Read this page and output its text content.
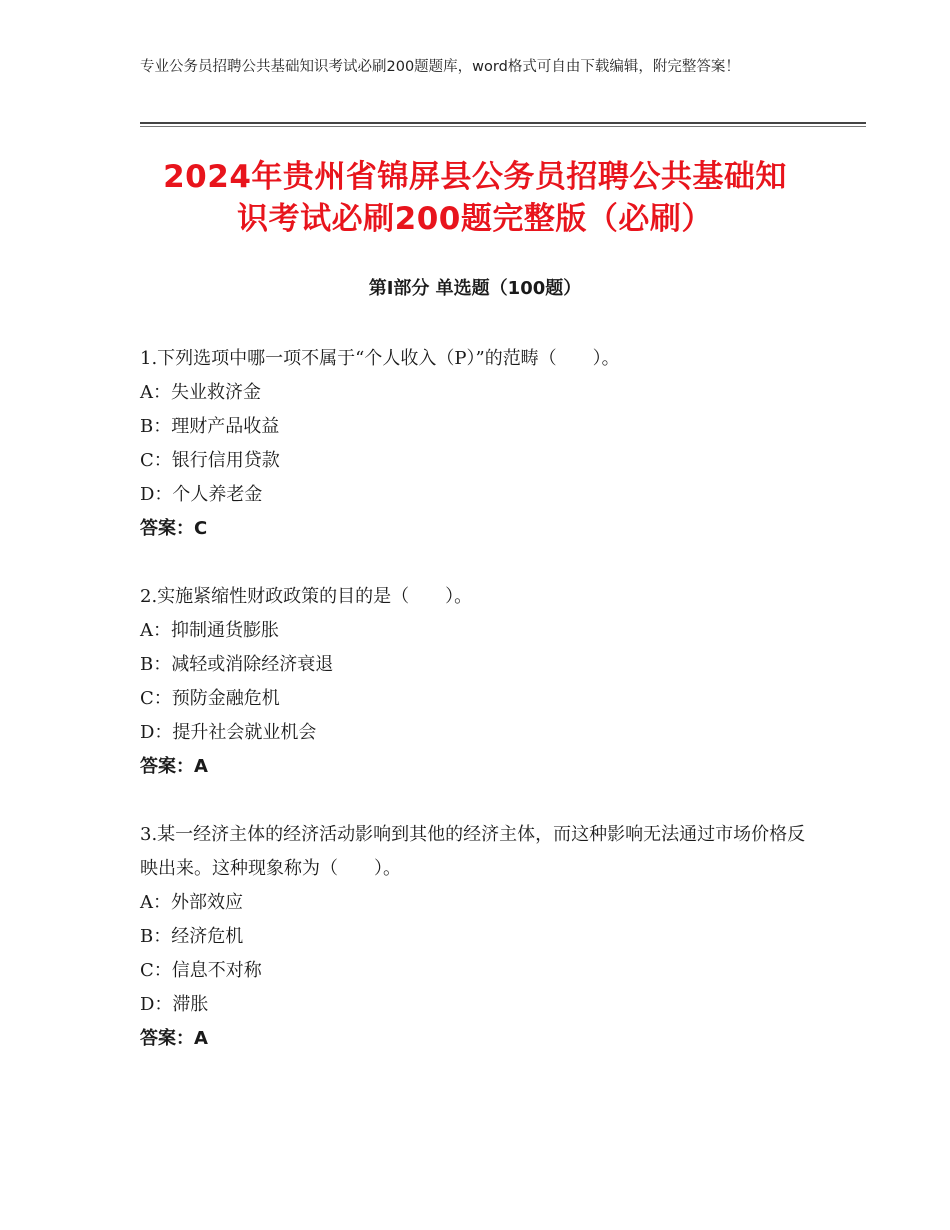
专业公务员招聘公共基础知识考试必刷200题题库，word格式可自由下载编辑，附完整答案！
2024年贵州省锦屏县公务员招聘公共基础知
识考试必刷200题完整版（必刷）
第Ⅰ部分 单选题（100题）

1.下列选项中哪一项不属于“个人收入（P）”的范畴（　　）。

A：失业救济金

B：理财产品收益

C：银行信用贷款

D：个人养老金

答案：C

2.实施紧缩性财政政策的目的是（　　）。

A：抑制通货膨胀

B：减轻或消除经济衰退

C：预防金融危机

D：提升社会就业机会

答案：A

3.某一经济主体的经济活动影响到其他的经济主体，而这种影响无法通过市场价格反映出来。这种现象称为（　　）。

A：外部效应

B：经济危机

C：信息不对称

D：滞胀

答案：A
